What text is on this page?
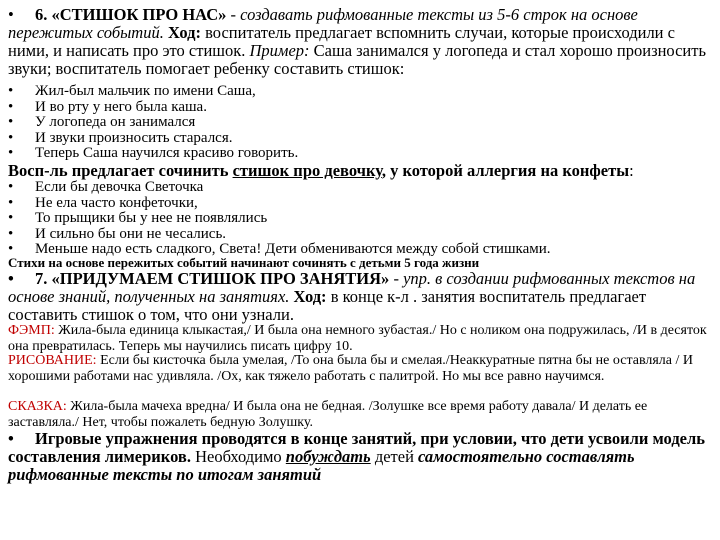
• 6. «СТИШОК ПРО НАС» - создавать рифмованные тексты из 5-6 строк на основе пережитых событий. Ход: воспитатель предлагает вспомнить случаи, которые происходили с ними, и написать про это стишок. Пример: Саша занимался у логопеда и стал хорошо произносить звуки; воспитатель помогает ребенку составить стишок:
• Жил-был мальчик по имени Саша,
• И во рту у него была каша.
• У логопеда он занимался
• И звуки произносить старался.
• Теперь Саша научился красиво говорить.
Восп-ль предлагает сочинить стишок про девочку, у которой аллергия на конфеты:
• Если бы девочка Светочка
• Не ела часто конфеточки,
• То прыщики бы у нее не появлялись
• И сильно бы они не чесались.
• Меньше надо есть сладкого, Света! Дети обмениваются между собой стишками.
Стихи на основе пережитых событий начинают сочинять с детьми 5 года жизни
• 7. «ПРИДУМАЕМ СТИШОК ПРО ЗАНЯТИЯ» - упр. в создании рифмованных текстов на основе знаний, полученных на занятиях. Ход: в конце к-л . занятия воспитатель предлагает составить стишок о том, что они узнали.
ФЭМП: Жила-была единица клыкастая,/ И была она немного зубастая./ Но с ноликом она подружилась, /И в десяток она превратилась. Теперь мы научились писать цифру 10.
РИСОВАНИЕ: Если бы кисточка была умелая, /То она была бы и смелая./Неаккуратные пятна бы не оставляла / И хорошими работами нас удивляла. /Ох, как тяжело работать с палитрой. Но мы все равно научимся.
СКАЗКА: Жила-была мачеха вредна/ И была она не бедная. /Золушке все время работу давала/ И делать ее заставляла./ Нет, чтобы пожалеть бедную Золушку.
• Игровые упражнения проводятся в конце занятий, при условии, что дети усвоили модель составления лимериков. Необходимо побуждать детей самостоятельно составлять рифмованные тексты по итогам занятий
